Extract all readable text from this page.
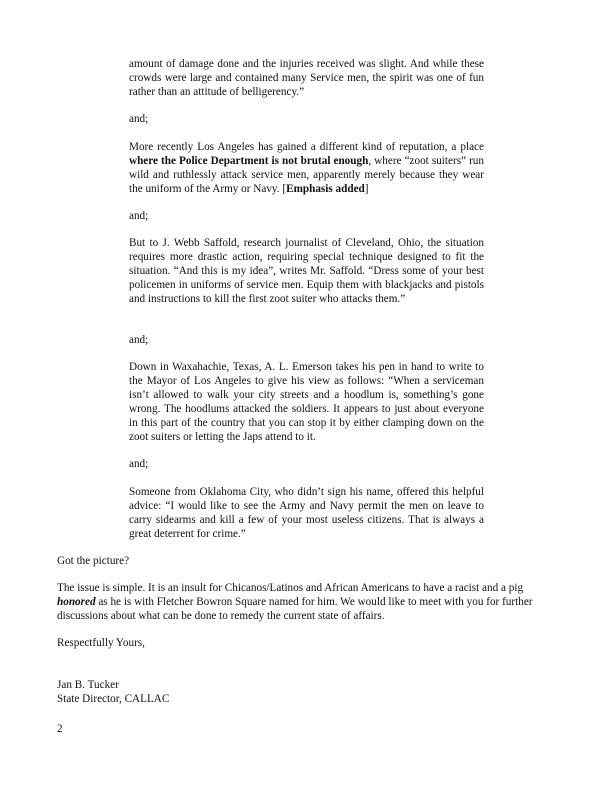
amount of damage done and the injuries received was slight. And while these crowds were large and contained many Service men, the spirit was one of fun rather than an attitude of belligerency.”

and;

More recently Los Angeles has gained a different kind of reputation, a place where the Police Department is not brutal enough, where “zoot suiters” run wild and ruthlessly attack service men, apparently merely because they wear the uniform of the Army or Navy. [Emphasis added]

and;

But to J. Webb Saffold, research journalist of Cleveland, Ohio, the situation requires more drastic action, requiring special technique designed to fit the situation. “And this is my idea”, writes Mr. Saffold. “Dress some of your best policemen in uniforms of service men. Equip them with blackjacks and pistols and instructions to kill the first zoot suiter who attacks them.”

and;

Down in Waxahachie, Texas, A. L. Emerson takes his pen in hand to write to the Mayor of Los Angeles to give his view as follows: “When a serviceman isn’t allowed to walk your city streets and a hoodlum is, something’s gone wrong. The hoodlums attacked the soldiers. It appears to just about everyone in this part of the country that you can stop it by either clamping down on the zoot suiters or letting the Japs attend to it.

and;

Someone from Oklahoma City, who didn’t sign his name, offered this helpful advice: “I would like to see the Army and Navy permit the men on leave to carry sidearms and kill a few of your most useless citizens. That is always a great deterrent for crime.”

Got the picture?

The issue is simple. It is an insult for Chicanos/Latinos and African Americans to have a racist and a pig honored as he is with Fletcher Bowron Square named for him. We would like to meet with you for further discussions about what can be done to remedy the current state of affairs.

Respectfully Yours,

Jan B. Tucker

State Director, CALLAC

2
